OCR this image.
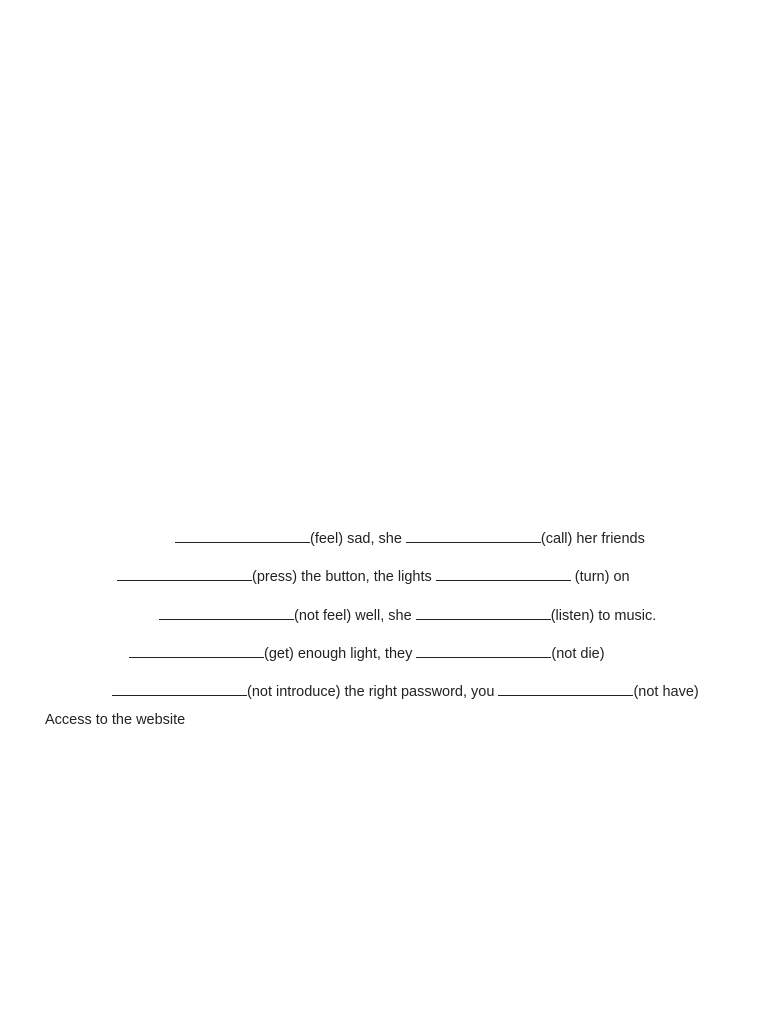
(feel) sad, she	(call) her friends
(press) the button, the lights	(turn) on
(not feel) well, she	(listen) to music.
(get) enough light, they	(not die)
(not introduce) the right password, you	(not have)
Access to the website
